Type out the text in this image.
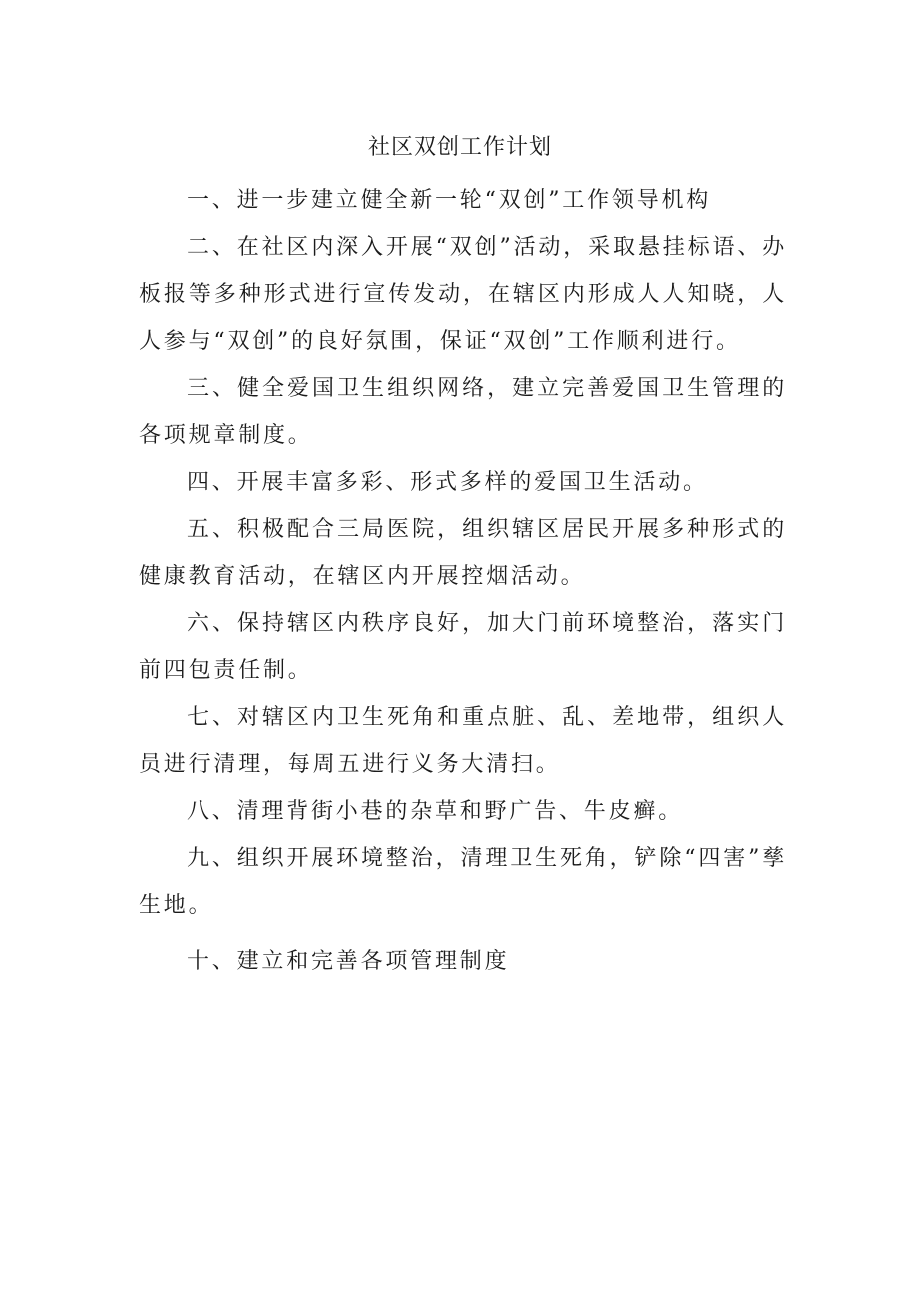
社区双创工作计划

一、进一步建立健全新一轮“双创”工作领导机构

二、在社区内深入开展“双创”活动，采取悬挂标语、办板报等多种形式进行宣传发动，在辖区内形成人人知晓，人人参与“双创”的良好氛围，保证“双创”工作顺利进行。

三、健全爱国卫生组织网络，建立完善爱国卫生管理的各项规章制度。

四、开展丰富多彩、形式多样的爱国卫生活动。

五、积极配合三局医院，组织辖区居民开展多种形式的健康教育活动，在辖区内开展控烟活动。

六、保持辖区内秩序良好，加大门前环境整治，落实门前四包责任制。

七、对辖区内卫生死角和重点脏、乱、差地带，组织人员进行清理，每周五进行义务大清扫。

八、清理背街小巷的杂草和野广告、牛皮癣。

九、组织开展环境整治，清理卫生死角，铲除“四害”孳生地。

十、建立和完善各项管理制度
